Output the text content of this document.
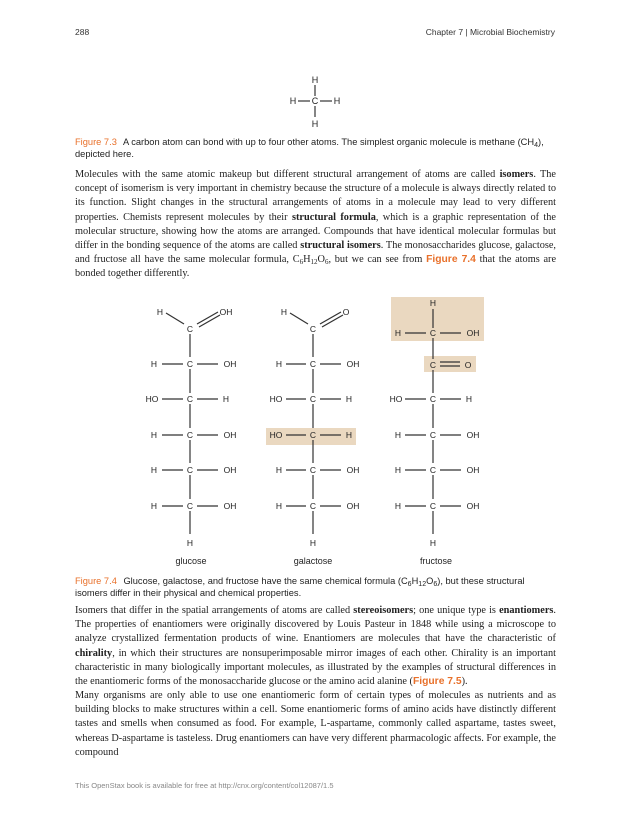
288	Chapter 7 | Microbial Biochemistry
H
C
H	H
H
Figure 7.3 A carbon atom can bond with up to four other atoms. The simplest organic molecule is methane $(CH_4)$, depicted here.
Molecules with the same atomic makeup but different structural arrangement of atoms are called isomers. The concept of isomerism is very important in chemistry because the structure of a molecule is always directly related to its function. Slight changes in the structural arrangements of atoms in a molecule may lead to very different properties. Chemists represent molecules by their structural formula, which is a graphic representation of the molecular structure, showing how the atoms are arranged. Compounds that have identical molecular formulas but differ in the bonding sequence of the atoms are called structural isomers. The monosaccharides glucose, galactose, and fructose all have the same molecular formula, $C_6H_{12}O_6$, but we can see from Figure 7.4 that the atoms are bonded together differently.
H	OH
C
H	C	OH
HO	C	H
H	C	OH
H	C	OH
H	C	OH
H
glucose
H	O
C
H	C	OH
HO	C	H
HO	C	H
H	C	OH
H	C	OH
H
galactose
H
H	C	OH
C	O
HO	C	H
H	C	OH
H	C	OH
H	C	OH
H
fructose
Figure 7.4 Glucose, galactose, and fructose have the same chemical formula $(C_6H_{12}O_6)$, but these structural isomers differ in their physical and chemical properties.
Isomers that differ in the spatial arrangements of atoms are called stereoisomers; one unique type is enantiomers. The properties of enantiomers were originally discovered by Louis Pasteur in 1848 while using a microscope to analyze crystallized fermentation products of wine. Enantiomers are molecules that have the characteristic of chirality, in which their structures are nonsuperimposable mirror images of each other. Chirality is an important characteristic in many biologically important molecules, as illustrated by the examples of structural differences in the enantiomeric forms of the monosaccharide glucose or the amino acid alanine (Figure 7.5).
Many organisms are only able to use one enantiomeric form of certain types of molecules as nutrients and as building blocks to make structures within a cell. Some enantiomeric forms of amino acids have distinctly different tastes and smells when consumed as food. For example, L-aspartame, commonly called aspartame, tastes sweet, whereas D-aspartame is tasteless. Drug enantiomers can have very different pharmacologic affects. For example, the compound
This OpenStax book is available for free at http://cnx.org/content/col12087/1.5
